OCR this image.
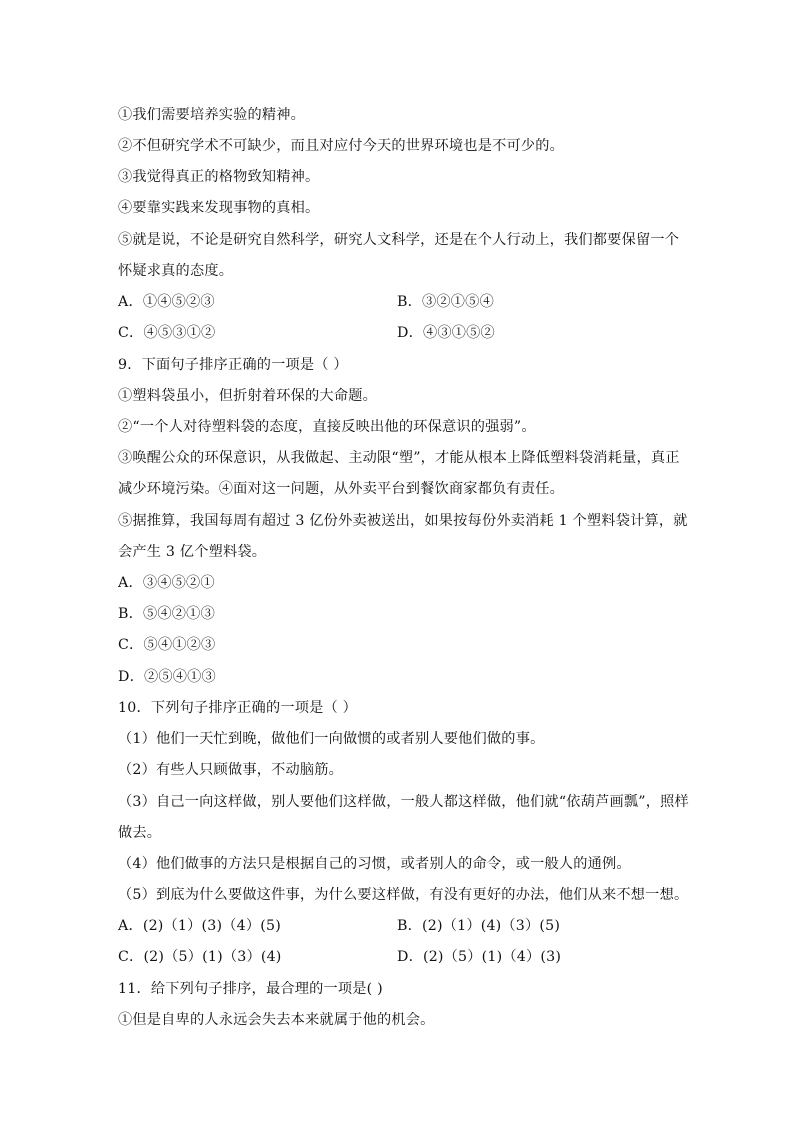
①我们需要培养实验的精神。
②不但研究学术不可缺少，而且对应付今天的世界环境也是不可少的。
③我觉得真正的格物致知精神。
④要靠实践来发现事物的真相。
⑤就是说，不论是研究自然科学，研究人文科学，还是在个人行动上，我们都要保留一个
怀疑求真的态度。
A．①④⑤②③	B．③②①⑤④
C．④⑤③①②	D．④③①⑤②
9．下面句子排序正确的一项是（ ）
①塑料袋虽小，但折射着环保的大命题。
②“一个人对待塑料袋的态度，直接反映出他的环保意识的强弱”。
③唤醒公众的环保意识，从我做起、主动限“塑”，才能从根本上降低塑料袋消耗量，真正
减少环境污染。④面对这一问题，从外卖平台到餐饮商家都负有责任。
⑤据推算，我国每周有超过 3 亿份外卖被送出，如果按每份外卖消耗 1 个塑料袋计算，就
会产生 3 亿个塑料袋。
A．③④⑤②①
B．⑤④②①③
C．⑤④①②③
D．②⑤④①③
10．下列句子排序正确的一项是（ ）
（1）他们一天忙到晚，做他们一向做惯的或者别人要他们做的事。
（2）有些人只顾做事，不动脑筋。
（3）自己一向这样做，别人要他们这样做，一般人都这样做，他们就“依葫芦画瓢”，照样
做去。
（4）他们做事的方法只是根据自己的习惯，或者别人的命令，或一般人的通例。
（5）到底为什么要做这件事，为什么要这样做，有没有更好的办法，他们从来不想一想。
A．(2)（1）(3)（4）(5)	B．(2)（1）(4)（3）(5)
C．(2)（5）(1)（3）(4)	D．(2)（5）(1)（4）(3)
11．给下列句子排序，最合理的一项是( )
①但是自卑的人永远会失去本来就属于他的机会。
